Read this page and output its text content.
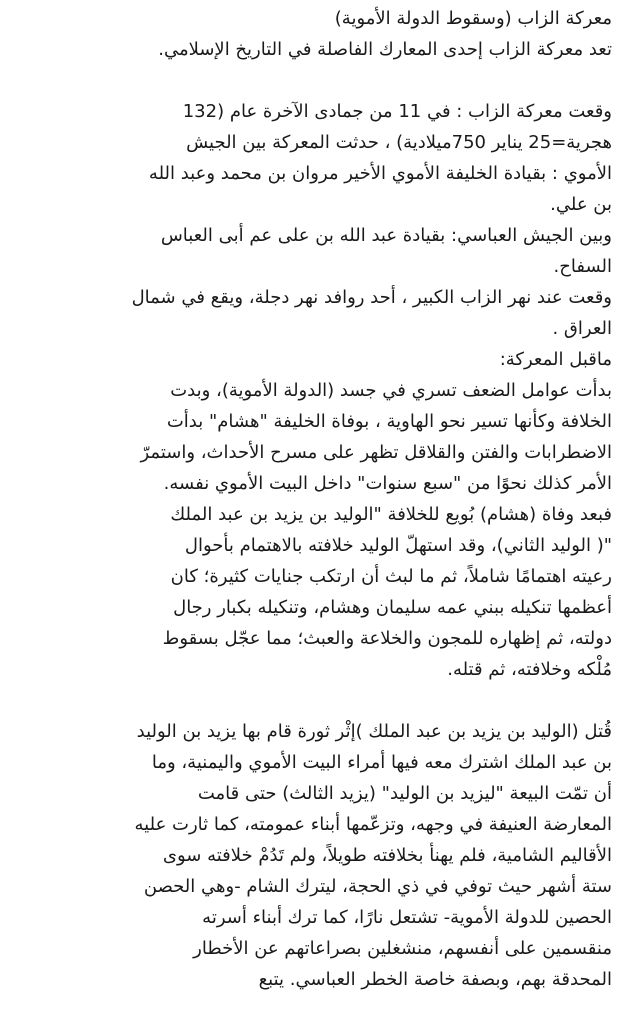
معركة الزاب (وسقوط الدولة الأموية)
تعد معركة الزاب إحدى المعارك الفاصلة في التاريخ الإسلامي.
وقعت معركة الزاب : في 11 من جمادى الآخرة عام (132
هجرية=25 يناير 750ميلادية) ، حدثت المعركة بين الجيش
الأموي : بقيادة الخليفة الأموي الأخير مروان بن محمد وعبد الله
بن علي.
وبين الجيش العباسي: بقيادة عبد الله بن على عم أبى العباس
السفاح.
وقعت عند نهر الزاب الكبير ، أحد روافد نهر دجلة، ويقع في شمال
العراق .
ماقبل المعركة:
بدأت عوامل الضعف تسري في جسد (الدولة الأموية)، وبدت
الخلافة وكأنها تسير نحو الهاوية ، بوفاة الخليفة "هشام" بدأت
الاضطرابات والفتن والقلاقل تظهر على مسرح الأحداث، واستمرّ
الأمر كذلك نحوًا من "سبع سنوات" داخل البيت الأموي نفسه.
فبعد وفاة (هشام) بُويع للخلافة "الوليد بن يزيد بن عبد الملك
"( الوليد الثاني)، وقد استهلّ الوليد خلافته بالاهتمام بأحوال
رعيته اهتمامًا شاملاً، ثم ما لبث أن ارتكب جنايات كثيرة؛ كان
أعظمها تنكيله ببني عمه سليمان وهشام، وتنكيله بكبار رجال
دولته، ثم إظهاره للمجون والخلاعة والعبث؛ مما عجّل بسقوط
مُلْكه وخلافته، ثم قتله.
قُتل (الوليد بن يزيد بن عبد الملك )إثْر ثورة قام بها يزيد بن الوليد
بن عبد الملك اشترك معه فيها أمراء البيت الأموي واليمنية، وما
أن تمّت البيعة "ليزيد بن الوليد" (يزيد الثالث) حتى قامت
المعارضة العنيفة في وجهه، وتزعّمها أبناء عمومته، كما ثارت عليه
الأقاليم الشامية، فلم يهنأ بخلافته طويلاً، ولم تَدُمْ خلافته سوى
ستة أشهر حيث توفي في ذي الحجة، ليترك الشام -وهي الحصن
الحصين للدولة الأموية- تشتعل نارًا، كما ترك أبناء أسرته
منقسمين على أنفسهم، منشغلين بصراعاتهم عن الأخطار
المحدقة بهم، وبصفة خاصة الخطر العباسي. يتبع
